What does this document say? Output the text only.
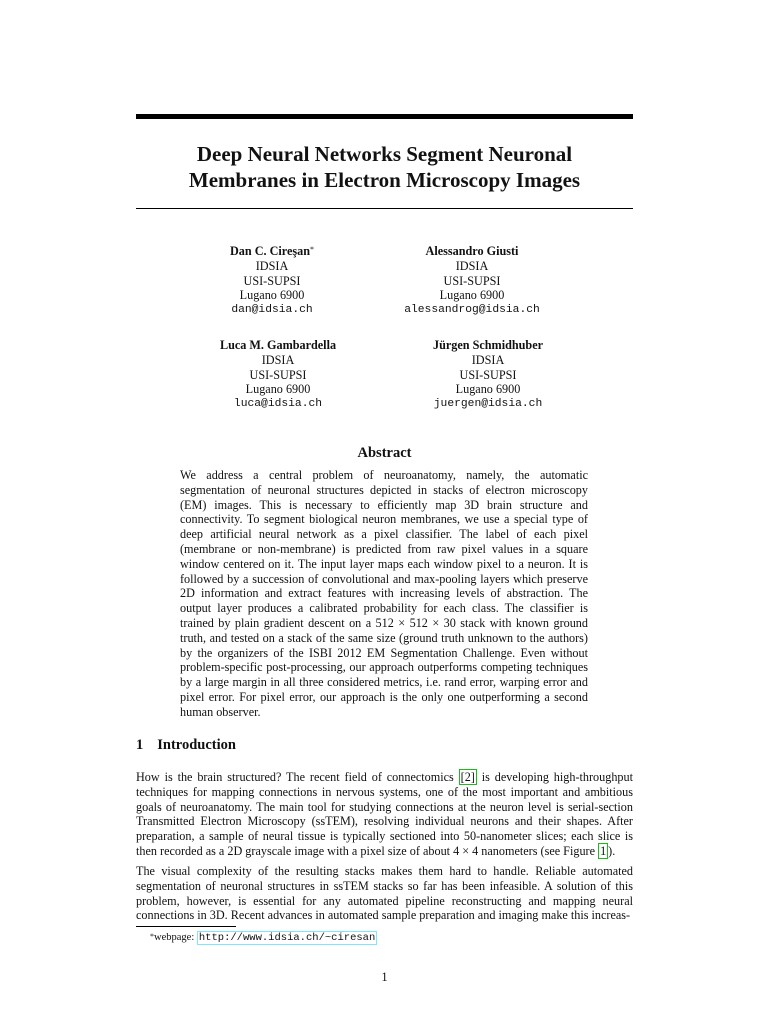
Deep Neural Networks Segment Neuronal
Membranes in Electron Microscopy Images
Dan C. Cireşan*
IDSIA
USI-SUPSI
Lugano 6900
dan@idsia.ch
Alessandro Giusti
IDSIA
USI-SUPSI
Lugano 6900
alessandrog@idsia.ch
Luca M. Gambardella
IDSIA
USI-SUPSI
Lugano 6900
luca@idsia.ch
Jürgen Schmidhuber
IDSIA
USI-SUPSI
Lugano 6900
juergen@idsia.ch
Abstract
We address a central problem of neuroanatomy, namely, the automatic segmentation of neuronal structures depicted in stacks of electron microscopy (EM) images. This is necessary to efficiently map 3D brain structure and connectivity. To segment biological neuron membranes, we use a special type of deep artificial neural network as a pixel classifier. The label of each pixel (membrane or non-membrane) is predicted from raw pixel values in a square window centered on it. The input layer maps each window pixel to a neuron. It is followed by a succession of convolutional and max-pooling layers which preserve 2D information and extract features with increasing levels of abstraction. The output layer produces a calibrated probability for each class. The classifier is trained by plain gradient descent on a 512 × 512 × 30 stack with known ground truth, and tested on a stack of the same size (ground truth unknown to the authors) by the organizers of the ISBI 2012 EM Segmentation Challenge. Even without problem-specific post-processing, our approach outperforms competing techniques by a large margin in all three considered metrics, i.e. rand error, warping error and pixel error. For pixel error, our approach is the only one outperforming a second human observer.
1 Introduction
How is the brain structured? The recent field of connectomics [2] is developing high-throughput techniques for mapping connections in nervous systems, one of the most important and ambitious goals of neuroanatomy. The main tool for studying connections at the neuron level is serial-section Transmitted Electron Microscopy (ssTEM), resolving individual neurons and their shapes. After preparation, a sample of neural tissue is typically sectioned into 50-nanometer slices; each slice is then recorded as a 2D grayscale image with a pixel size of about 4 × 4 nanometers (see Figure 1 ).
The visual complexity of the resulting stacks makes them hard to handle. Reliable automated segmentation of neuronal structures in ssTEM stacks so far has been infeasible. A solution of this problem, however, is essential for any automated pipeline reconstructing and mapping neural connections in 3D. Recent advances in automated sample preparation and imaging make this increas-
*webpage: http://www.idsia.ch/~ciresan
1
